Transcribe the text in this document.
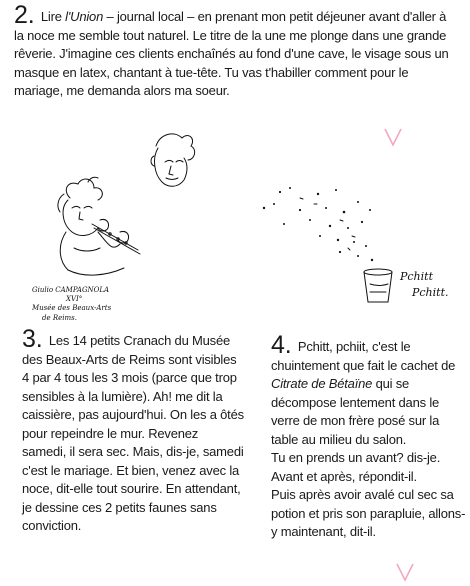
2. Lire l'Union – journal local – en prenant mon petit déjeuner avant d'aller à la noce me semble tout naturel. Le titre de la une me plonge dans une grande rêverie. J'imagine ces clients enchaînés au fond d'une cave, le visage sous un masque en latex, chantant à tue-tête. Tu vas t'habiller comment pour le mariage, me demanda alors ma soeur.
Giulio CAMPAGNOLA
XVI°
Musée des Beaux-Arts
de Reims.
Pchitt
Pchitt.
3. Les 14 petits Cranach du Musée des Beaux-Arts de Reims sont visibles 4 par 4 tous les 3 mois (parce que trop sensibles à la lumière). Ah! me dit la caissière, pas aujourd'hui. On les a ôtés pour repeindre le mur. Revenez samedi, il sera sec. Mais, dis-je, samedi c'est le mariage. Et bien, venez avec la noce, dit-elle tout sourire. En attendant, je dessine ces 2 petits faunes sans conviction.
4. Pchitt, pchiit, c'est le chuintement que fait le cachet de Citrate de Bétaïne qui se décompose lentement dans le verre de mon frère posé sur la table au milieu du salon.
Tu en prends un avant? dis-je.
Avant et après, répondit-il.
Puis après avoir avalé cul sec sa potion et pris son parapluie, allons-y maintenant, dit-il.
